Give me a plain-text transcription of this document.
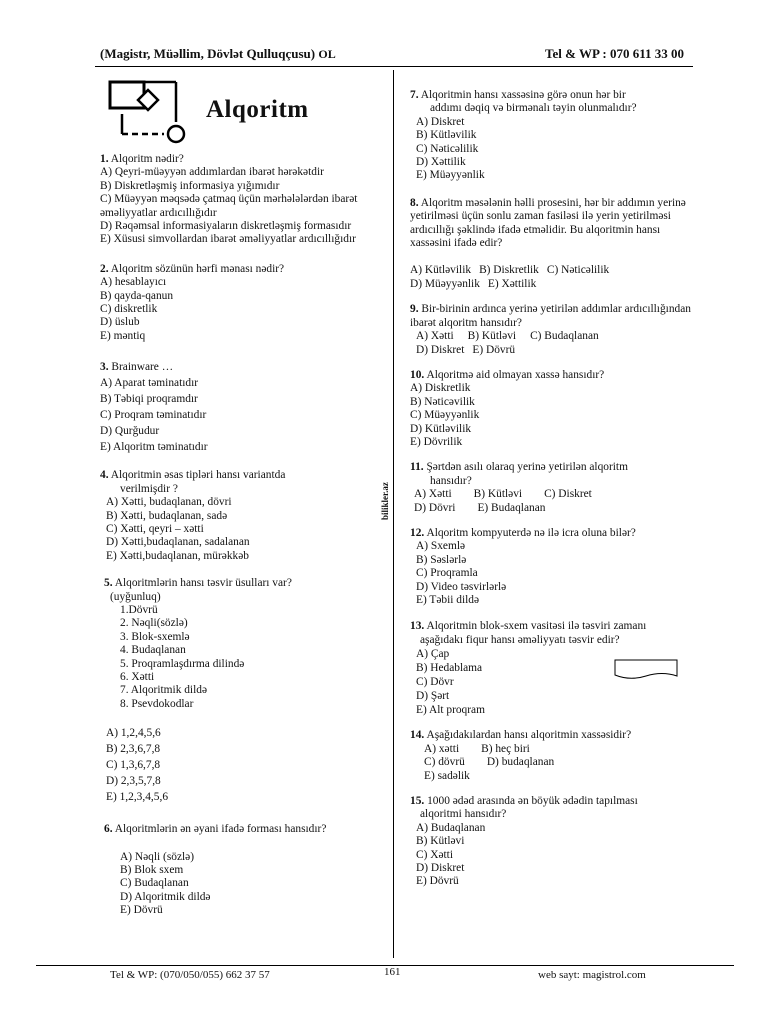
(Magistr, Müəllim, Dövlət Qulluqçusu) OL	Tel & WP : 070 611 33 00
Alqoritm
bilikler.az
1. Alqoritm nədir?
A) Qeyri-müəyyən addımlardan ibarət hərəkətdir
B) Diskretləşmiş informasiya yığımıdır
C) Müəyyən məqsədə çatmaq üçün mərhələlərdən ibarət əməliyyatlar ardıcıllığıdır
D) Rəqəmsal informasiyaların diskretləşmiş formasıdır
E) Xüsusi simvollardan ibarət əməliyyatlar ardıcıllığıdır
2. Alqoritm sözünün hərfi mənası nədir?
A) hesablayıcı
B) qayda-qanun
C) diskretlik
D) üslub
E) məntiq
3. Brainware …
A) Aparat təminatıdır
B) Təbiqi proqramdır
C) Proqram təminatıdır
D) Qurğudur
E) Alqoritm təminatıdır
4. Alqoritmin əsas tipləri hansı variantda
verilmişdir ?
A) Xətti, budaqlanan, dövri
B) Xətti, budaqlanan, sadə
C) Xətti, qeyri – xətti
D) Xətti,budaqlanan, sadalanan
E) Xətti,budaqlanan, mürəkkəb
5. Alqoritmlərin hansı təsvir üsulları var?
(uyğunluq)
1.Dövrü
2. Nəqli(sözlə)
3. Blok-sxemlə
4. Budaqlanan
5. Proqramlaşdırma dilində
6. Xətti
7. Alqoritmik dildə
8. Psevdokodlar
A) 1,2,4,5,6
B) 2,3,6,7,8
C) 1,3,6,7,8
D) 2,3,5,7,8
E) 1,2,3,4,5,6
6. Alqoritmlərin ən əyani ifadə forması hansıdır?
A) Nəqli (sözlə)
B) Blok sxem
C) Budaqlanan
D) Alqoritmik dildə
E) Dövrü
7. Alqoritmin hansı xassəsinə görə onun hər bir
addımı dəqiq və birmənalı təyin olunmalıdır?
A) Diskret
B) Kütləvilik
C) Nəticəlilik
D) Xəttilik
E) Müəyyənlik
8. Alqoritm məsələnin həlli prosesini, hər bir addımın yerinə yetirilməsi üçün sonlu zaman fasiləsi ilə yerin yetirilməsi ardıcıllığı şəklində ifadə etməlidir. Bu alqoritmin hansı xassəsini ifadə edir?
A) Kütləvilik B) Diskretlik C) Nəticəlilik
D) Müəyyənlik E) Xəttilik
9. Bir-birinin ardınca yerinə yetirilən addımlar ardıcıllığından ibarət alqoritm hansıdır?
A) Xətti B) Kütləvi C) Budaqlanan
D) Diskret E) Dövrü
10. Alqoritmə aid olmayan xassə hansıdır?
A) Diskretlik
B) Nəticəvilik
C) Müəyyənlik
D) Kütləvilik
E) Dövrilik
11. Şərtdən asılı olaraq yerinə yetirilən alqoritm
hansıdır?
A) Xətti B) Kütləvi C) Diskret
D) Dövri E) Budaqlanan
12. Alqoritm kompyuterdə nə ilə icra oluna bilər?
A) Sxemlə
B) Səslərlə
C) Proqramla
D) Video təsvirlərlə
E) Təbii dildə
13. Alqoritmin blok-sxem vasitəsi ilə təsviri zamanı
aşağıdakı fiqur hansı əməliyyatı təsvir edir?
A) Çap
B) Hedablama
C) Dövr
D) Şərt
E) Alt proqram
14. Aşağıdakılardan hansı alqoritmin xassəsidir?
A) xətti B) heç biri
C) dövrü D) budaqlanan
E) sadəlik
15. 1000 ədəd arasında ən böyük ədədin tapılması
alqoritmi hansıdır?
A) Budaqlanan
B) Kütləvi
C) Xətti
D) Diskret
E) Dövrü
Tel & WP: (070/050/055) 662 37 57	161	web sayt: magistrol.com
